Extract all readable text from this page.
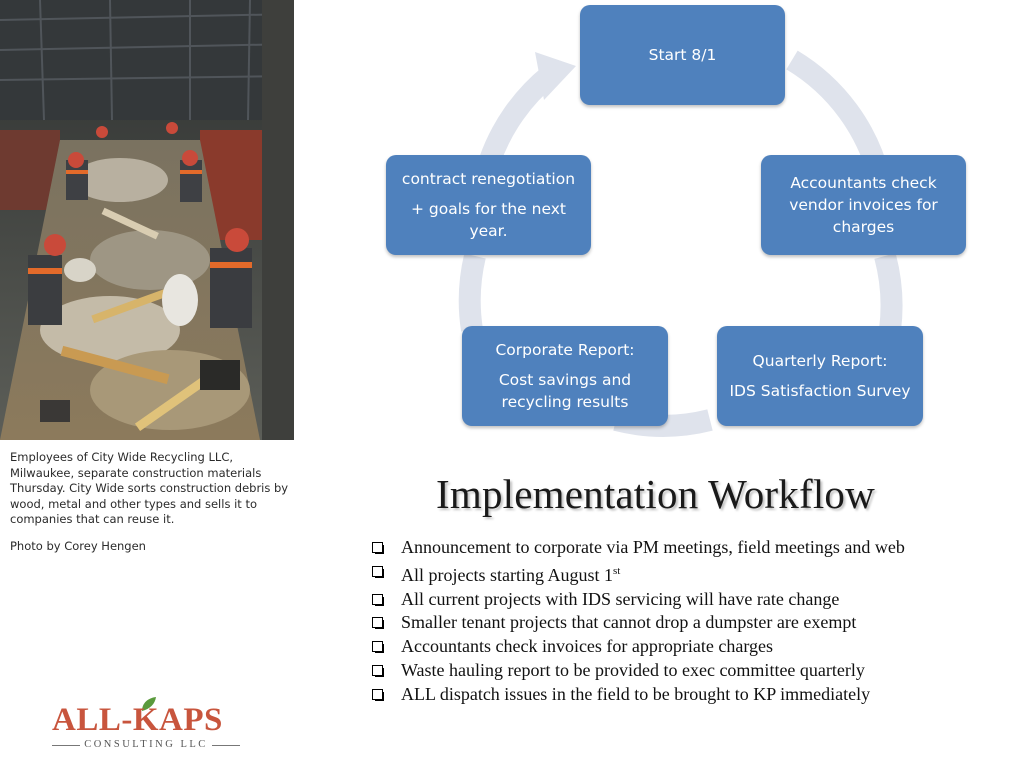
Employees of City Wide Recycling LLC, Milwaukee, separate construction materials Thursday. City Wide sorts construction debris by wood, metal and other types and sells it to companies that can reuse it.

Photo by Corey Hengen

Start 8/1
Accountants check vendor invoices for charges
Quarterly Report:
IDS Satisfaction Survey
Corporate Report:
Cost savings and recycling results
contract renegotiation
+ goals for the next year.
Implementation Workflow
Announcement to corporate via PM meetings, field meetings and web
All projects starting August 1st
All current projects with IDS servicing will have rate change
Smaller tenant projects that cannot drop a dumpster are exempt
Accountants check invoices for appropriate charges
Waste hauling report to be provided to exec committee quarterly
ALL dispatch issues in the field to be brought to KP immediately
ALL-KAPS
CONSULTING LLC
